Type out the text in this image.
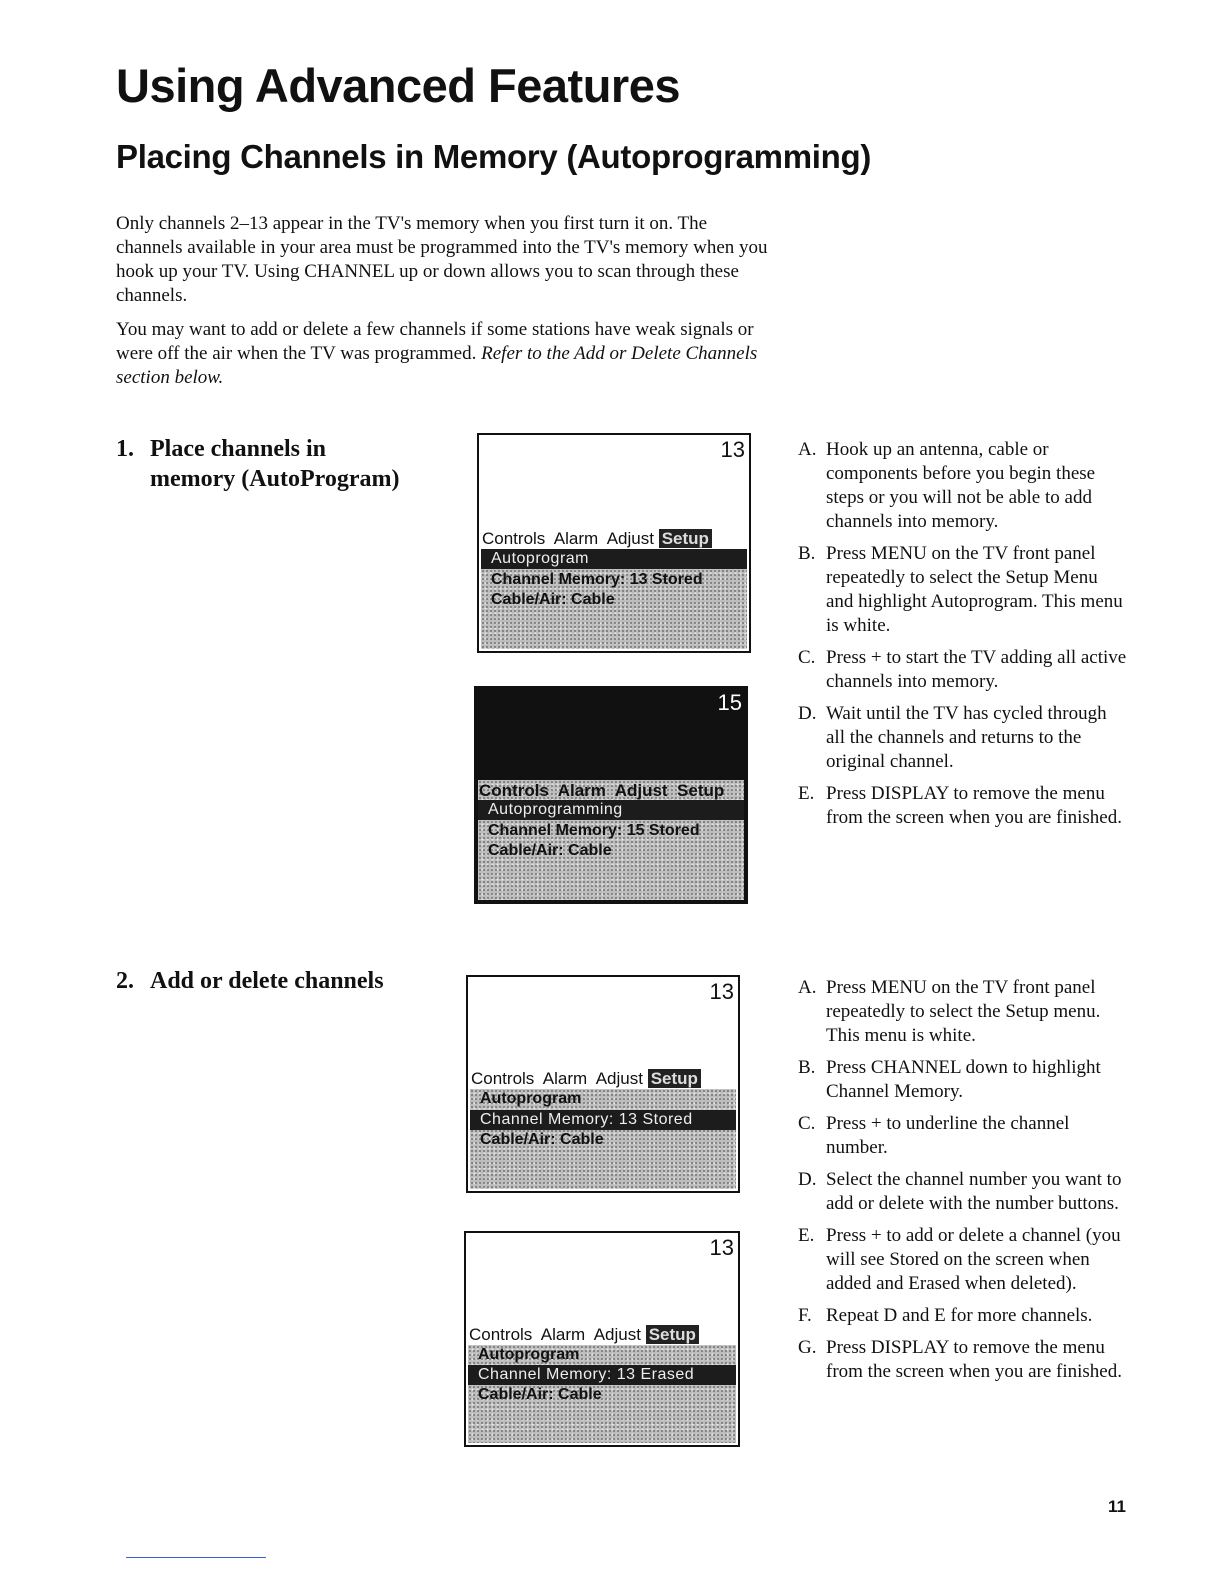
Using Advanced Features
Placing Channels in Memory (Autoprogramming)

Only channels 2–13 appear in the TV's memory when you first turn it on. The channels available in your area must be programmed into the TV's memory when you hook up your TV. Using CHANNEL up or down allows you to scan through these channels.

You may want to add or delete a few channels if some stations have weak signals or were off the air when the TV was programmed. Refer to the Add or Delete Channels section below.

1. Place channels in
memory (AutoProgram)
13
Controls  Alarm  Adjust Setup
Autoprogram
Channel Memory: 13 Stored
Cable/Air: Cable
15
Controls  Alarm  Adjust  Setup
Autoprogramming
Channel Memory: 15 Stored
Cable/Air: Cable
A. Hook up an antenna, cable or components before you begin these steps or you will not be able to add channels into memory.
B. Press MENU on the TV front panel repeatedly to select the Setup Menu and highlight Autoprogram. This menu is white.
C. Press + to start the TV adding all active channels into memory.
D. Wait until the TV has cycled through all the channels and returns to the original channel.
E. Press DISPLAY to remove the menu from the screen when you are finished.
2. Add or delete channels	13
Controls  Alarm  Adjust Setup
Autoprogram
Channel Memory: 13 Stored
Cable/Air: Cable
13
Controls  Alarm  Adjust Setup
Autoprogram
Channel Memory: 13 Erased
Cable/Air: Cable
A. Press MENU on the TV front panel repeatedly to select the Setup menu. This menu is white.
B. Press CHANNEL down to highlight Channel Memory.
C. Press + to underline the channel number.
D. Select the channel number you want to add or delete with the number buttons.
E. Press + to add or delete a channel (you will see Stored on the screen when added and Erased when deleted).
F. Repeat D and E for more channels.
G. Press DISPLAY to remove the menu from the screen when you are finished.
11
